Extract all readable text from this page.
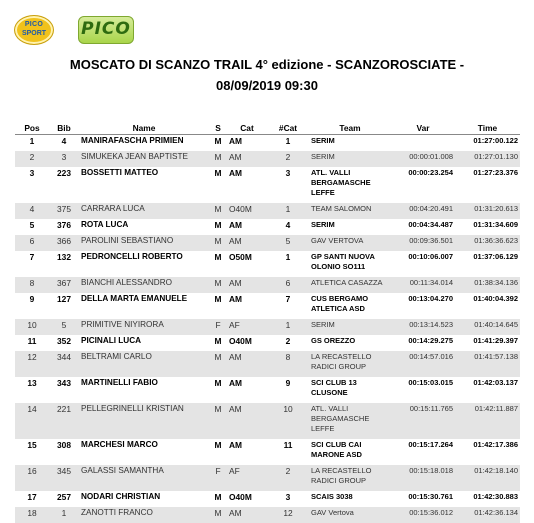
PICO
SPORT	PICO
MOSCATO DI SCANZO TRAIL 4° edizione - SCANZOROSCIATE -
08/09/2019 09:30
Pos	Bib	Name	S	Cat	#Cat	Team	Var	Time
1	4	MANIRAFASCHA PRIMIEN	M	AM	1	SERIM		01:27:00.122
2	3	SIMUKEKA JEAN BAPTISTE	M	AM	2	SERIM	00:00:01.008	01:27:01.130
3	223	BOSSETTI MATTEO	M	AM	3	ATL. VALLI BERGAMASCHE LEFFE	00:00:23.254	01:27:23.376
4	375	CARRARA LUCA	M	O40M	1	TEAM SALOMON	00:04:20.491	01:31:20.613
5	376	ROTA LUCA	M	AM	4	SERIM	00:04:34.487	01:31:34.609
6	366	PAROLINI SEBASTIANO	M	AM	5	GAV VERTOVA	00:09:36.501	01:36:36.623
7	132	PEDRONCELLI ROBERTO	M	O50M	1	GP SANTI NUOVA OLONIO SO111	00:10:06.007	01:37:06.129
8	367	BIANCHI ALESSANDRO	M	AM	6	ATLETICA CASAZZA	00:11:34.014	01:38:34.136
9	127	DELLA MARTA EMANUELE	M	AM	7	CUS BERGAMO ATLETICA ASD	00:13:04.270	01:40:04.392
10	5	PRIMITIVE NIYIRORA	F	AF	1	SERIM	00:13:14.523	01:40:14.645
11	352	PICINALI LUCA	M	O40M	2	GS OREZZO	00:14:29.275	01:41:29.397
12	344	BELTRAMI CARLO	M	AM	8	LA RECASTELLO RADICI GROUP	00:14:57.016	01:41:57.138
13	343	MARTINELLI FABIO	M	AM	9	SCI CLUB 13 CLUSONE	00:15:03.015	01:42:03.137
14	221	PELLEGRINELLI KRISTIAN	M	AM	10	ATL. VALLI BERGAMASCHE LEFFE	00:15:11.765	01:42:11.887
15	308	MARCHESI MARCO	M	AM	11	SCI CLUB CAI MARONE ASD	00:15:17.264	01:42:17.386
16	345	GALASSI SAMANTHA	F	AF	2	LA RECASTELLO RADICI GROUP	00:15:18.018	01:42:18.140
17	257	NODARI CHRISTIAN	M	O40M	3	SCAIS 3038	00:15:30.761	01:42:30.883
18	1	ZANOTTI FRANCO	M	AM	12	GAV Vertova	00:15:36.012	01:42:36.134
